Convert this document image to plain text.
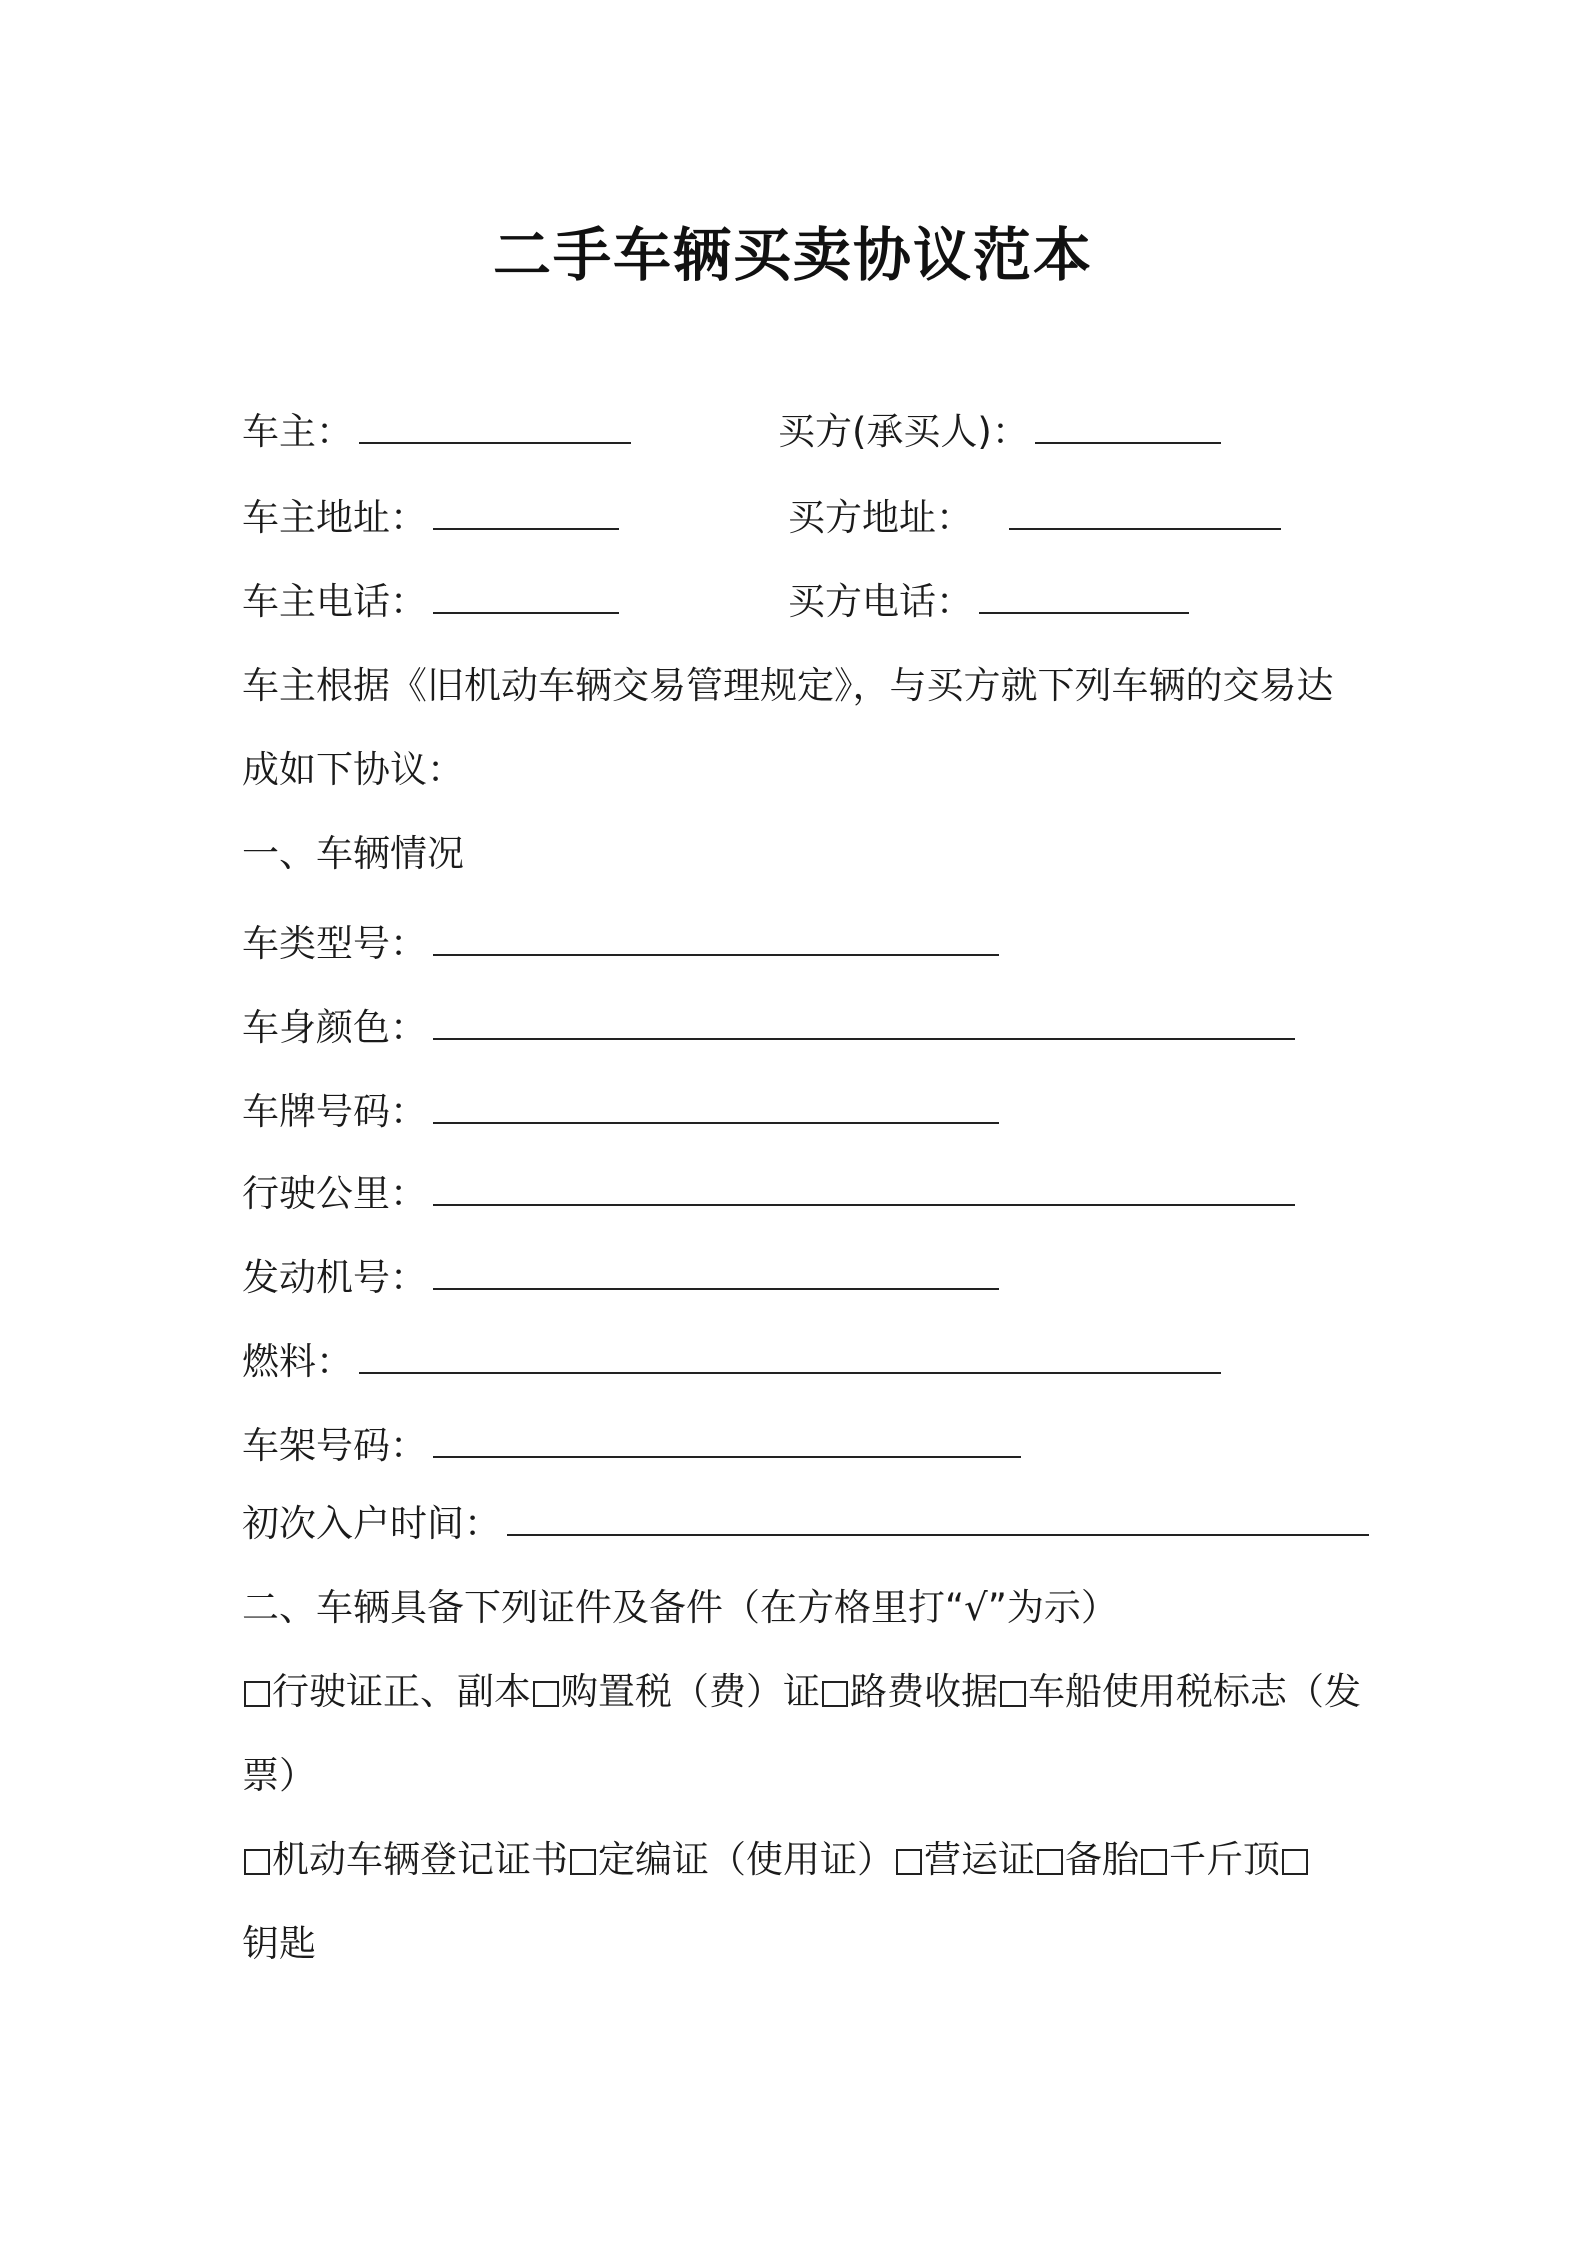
二手车辆买卖协议范本
车主：	买方(承买人)：
车主地址：	买方地址：
车主电话：	买方电话：
车主根据《旧机动车辆交易管理规定》，与买方就下列车辆的交易达
成如下协议：
一、车辆情况
车类型号：
车身颜色：
车牌号码：
行驶公里：
发动机号：
燃料：
车架号码：
初次入户时间：
二、车辆具备下列证件及备件（在方格里打“√”为示）
行驶证正、副本 购置税（费）证 路费收据 车船使用税标志（发
票）
机动车辆登记证书 定编证（使用证） 营运证 备胎 千斤顶
钥匙
